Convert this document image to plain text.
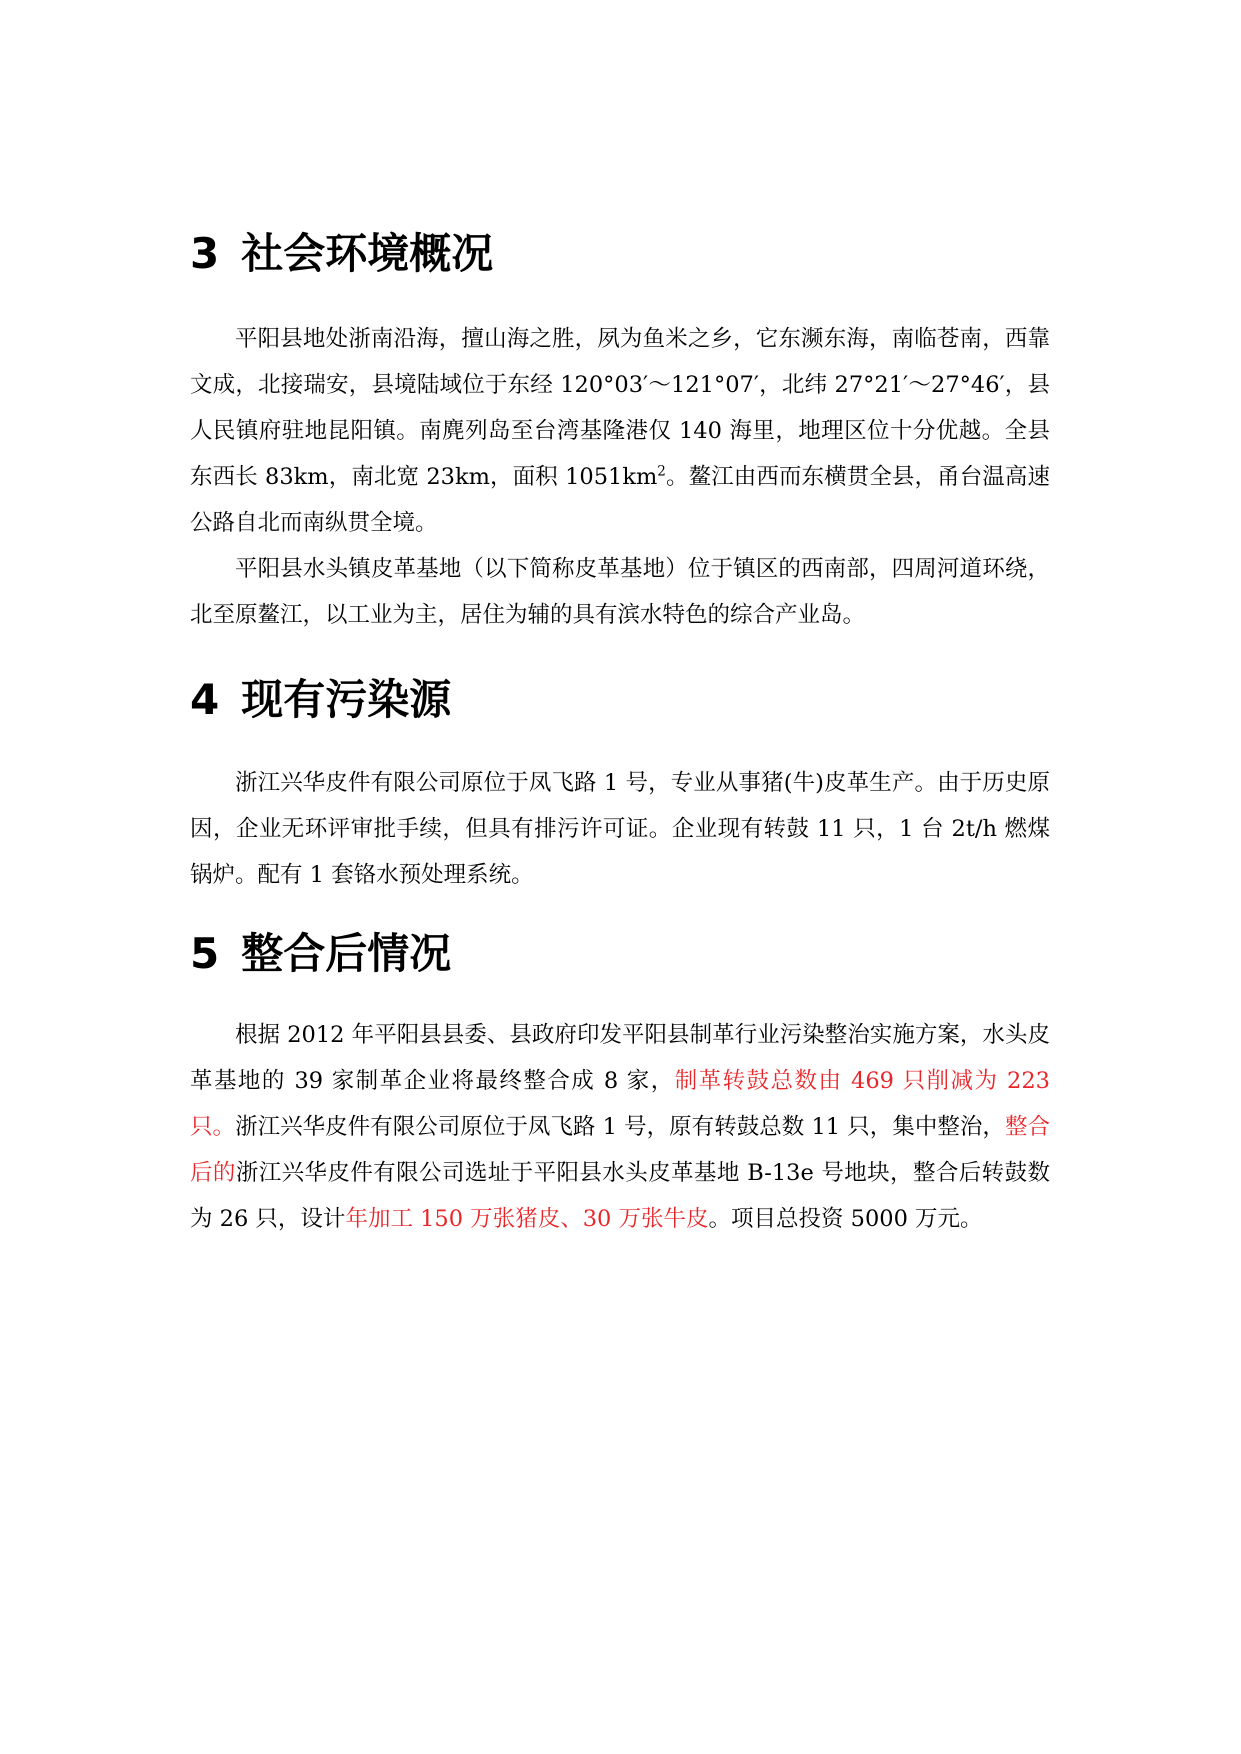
3 社会环境概况

平阳县地处浙南沿海，擅山海之胜，夙为鱼米之乡，它东濒东海，南临苍南，西靠文成，北接瑞安，县境陆域位于东经 120°03′～121°07′，北纬 27°21′～27°46′，县人民镇府驻地昆阳镇。南麂列岛至台湾基隆港仅 140 海里，地理区位十分优越。全县东西长 83km，南北宽 23km，面积 $1051km^2$。鳌江由西而东横贯全县，甬台温高速公路自北而南纵贯全境。

平阳县水头镇皮革基地（以下简称皮革基地）位于镇区的西南部，四周河道环绕，北至原鳌江，以工业为主，居住为辅的具有滨水特色的综合产业岛。

4 现有污染源

浙江兴华皮件有限公司原位于凤飞路 1 号，专业从事猪(牛)皮革生产。由于历史原因，企业无环评审批手续，但具有排污许可证。企业现有转鼓 11 只，1 台 2t/h 燃煤锅炉。配有 1 套铬水预处理系统。

5 整合后情况

根据 2012 年平阳县县委、县政府印发平阳县制革行业污染整治实施方案，水头皮革基地的 39 家制革企业将最终整合成 8 家，制革转鼓总数由 469 只削减为 223 只。浙江兴华皮件有限公司原位于凤飞路 1 号，原有转鼓总数 11 只，集中整治，整合后的浙江兴华皮件有限公司选址于平阳县水头皮革基地 B-13e 号地块，整合后转鼓数为 26 只，设计年加工 150 万张猪皮、30 万张牛皮。项目总投资 5000 万元。
